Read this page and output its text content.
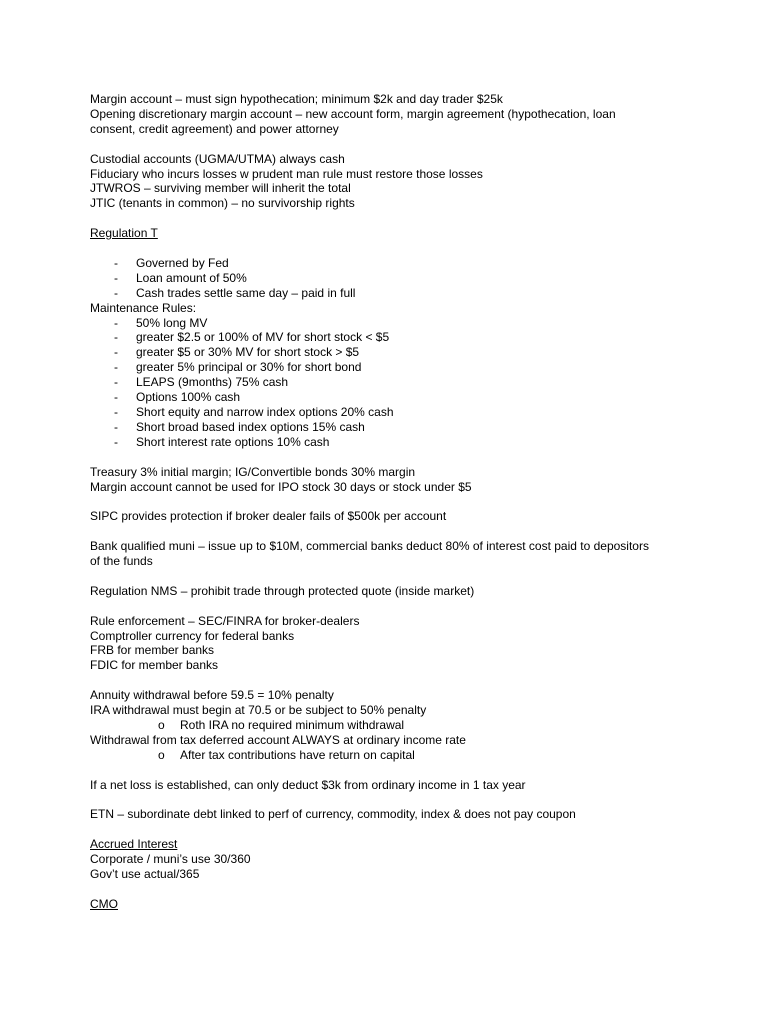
Margin account – must sign hypothecation; minimum $2k and day trader $25k
Opening discretionary margin account – new account form, margin agreement (hypothecation, loan
consent, credit agreement) and power attorney
Custodial accounts (UGMA/UTMA) always cash
Fiduciary who incurs losses w prudent man rule must restore those losses
JTWROS – surviving member will inherit the total
JTIC (tenants in common) – no survivorship rights
Regulation T
- Governed by Fed
- Loan amount of 50%
- Cash trades settle same day – paid in full
Maintenance Rules:
- 50% long MV
- greater $2.5 or 100% of MV for short stock < $5
- greater $5 or 30% MV for short stock > $5
- greater 5% principal or 30% for short bond
- LEAPS (9months) 75% cash
- Options 100% cash
- Short equity and narrow index options 20% cash
- Short broad based index options 15% cash
- Short interest rate options 10% cash
Treasury 3% initial margin; IG/Convertible bonds 30% margin
Margin account cannot be used for IPO stock 30 days or stock under $5
SIPC provides protection if broker dealer fails of $500k per account
Bank qualified muni – issue up to $10M, commercial banks deduct 80% of interest cost paid to depositors
of the funds
Regulation NMS – prohibit trade through protected quote (inside market)
Rule enforcement – SEC/FINRA for broker-dealers
Comptroller currency for federal banks
FRB for member banks
FDIC for member banks
Annuity withdrawal before 59.5 = 10% penalty
IRA withdrawal must begin at 70.5 or be subject to 50% penalty
o Roth IRA no required minimum withdrawal
Withdrawal from tax deferred account ALWAYS at ordinary income rate
o After tax contributions have return on capital
If a net loss is established, can only deduct $3k from ordinary income in 1 tax year
ETN – subordinate debt linked to perf of currency, commodity, index & does not pay coupon
Accrued Interest
Corporate / muni’s use 30/360
Gov’t use actual/365
CMO
